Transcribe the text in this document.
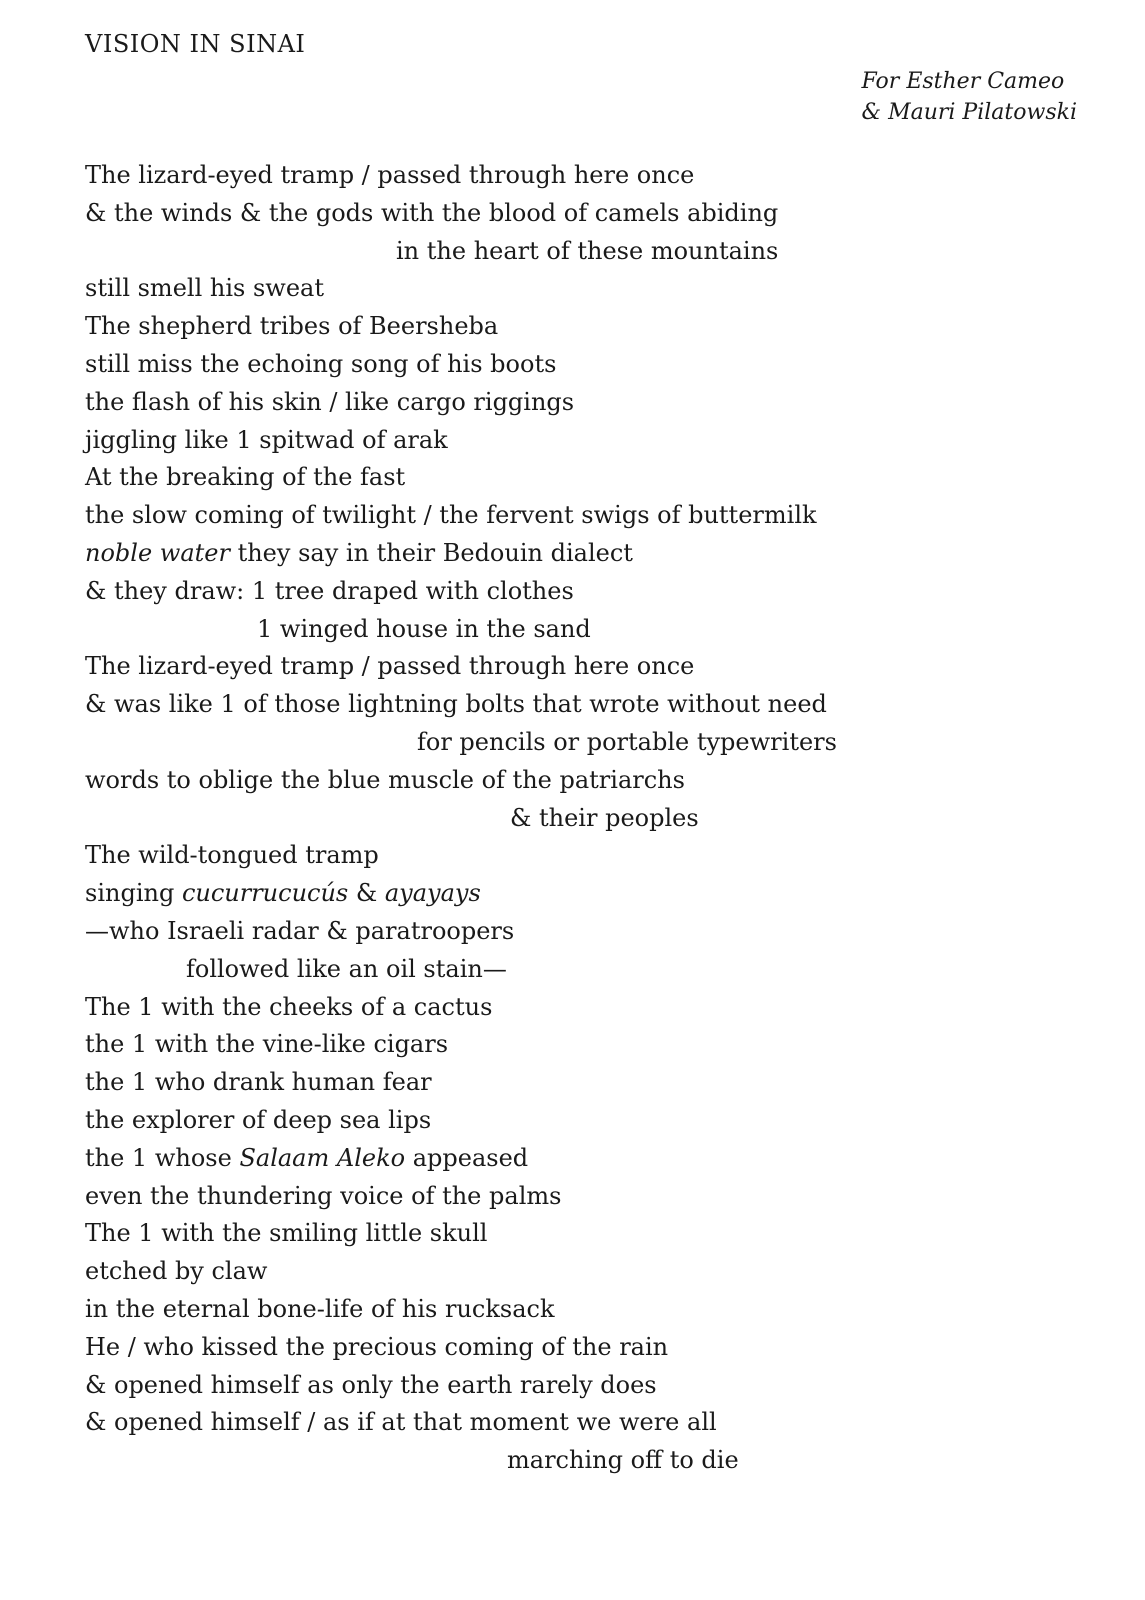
VISION IN SINAI
For Esther Cameo
& Mauri Pilatowski
The lizard-eyed tramp / passed through here once
& the winds & the gods with the blood of camels abiding
in the heart of these mountains
still smell his sweat
The shepherd tribes of Beersheba
still miss the echoing song of his boots
the flash of his skin / like cargo riggings
jiggling like 1 spitwad of arak
At the breaking of the fast
the slow coming of twilight / the fervent swigs of buttermilk
noble water they say in their Bedouin dialect
& they draw: 1 tree draped with clothes
1 winged house in the sand
The lizard-eyed tramp / passed through here once
& was like 1 of those lightning bolts that wrote without need
for pencils or portable typewriters
words to oblige the blue muscle of the patriarchs
& their peoples
The wild-tongued tramp
singing cucurrucucús & ayayays
—who Israeli radar & paratroopers
followed like an oil stain—
The 1 with the cheeks of a cactus
the 1 with the vine-like cigars
the 1 who drank human fear
the explorer of deep sea lips
the 1 whose Salaam Aleko appeased
even the thundering voice of the palms
The 1 with the smiling little skull
etched by claw
in the eternal bone-life of his rucksack
He / who kissed the precious coming of the rain
& opened himself as only the earth rarely does
& opened himself / as if at that moment we were all
marching off to die
